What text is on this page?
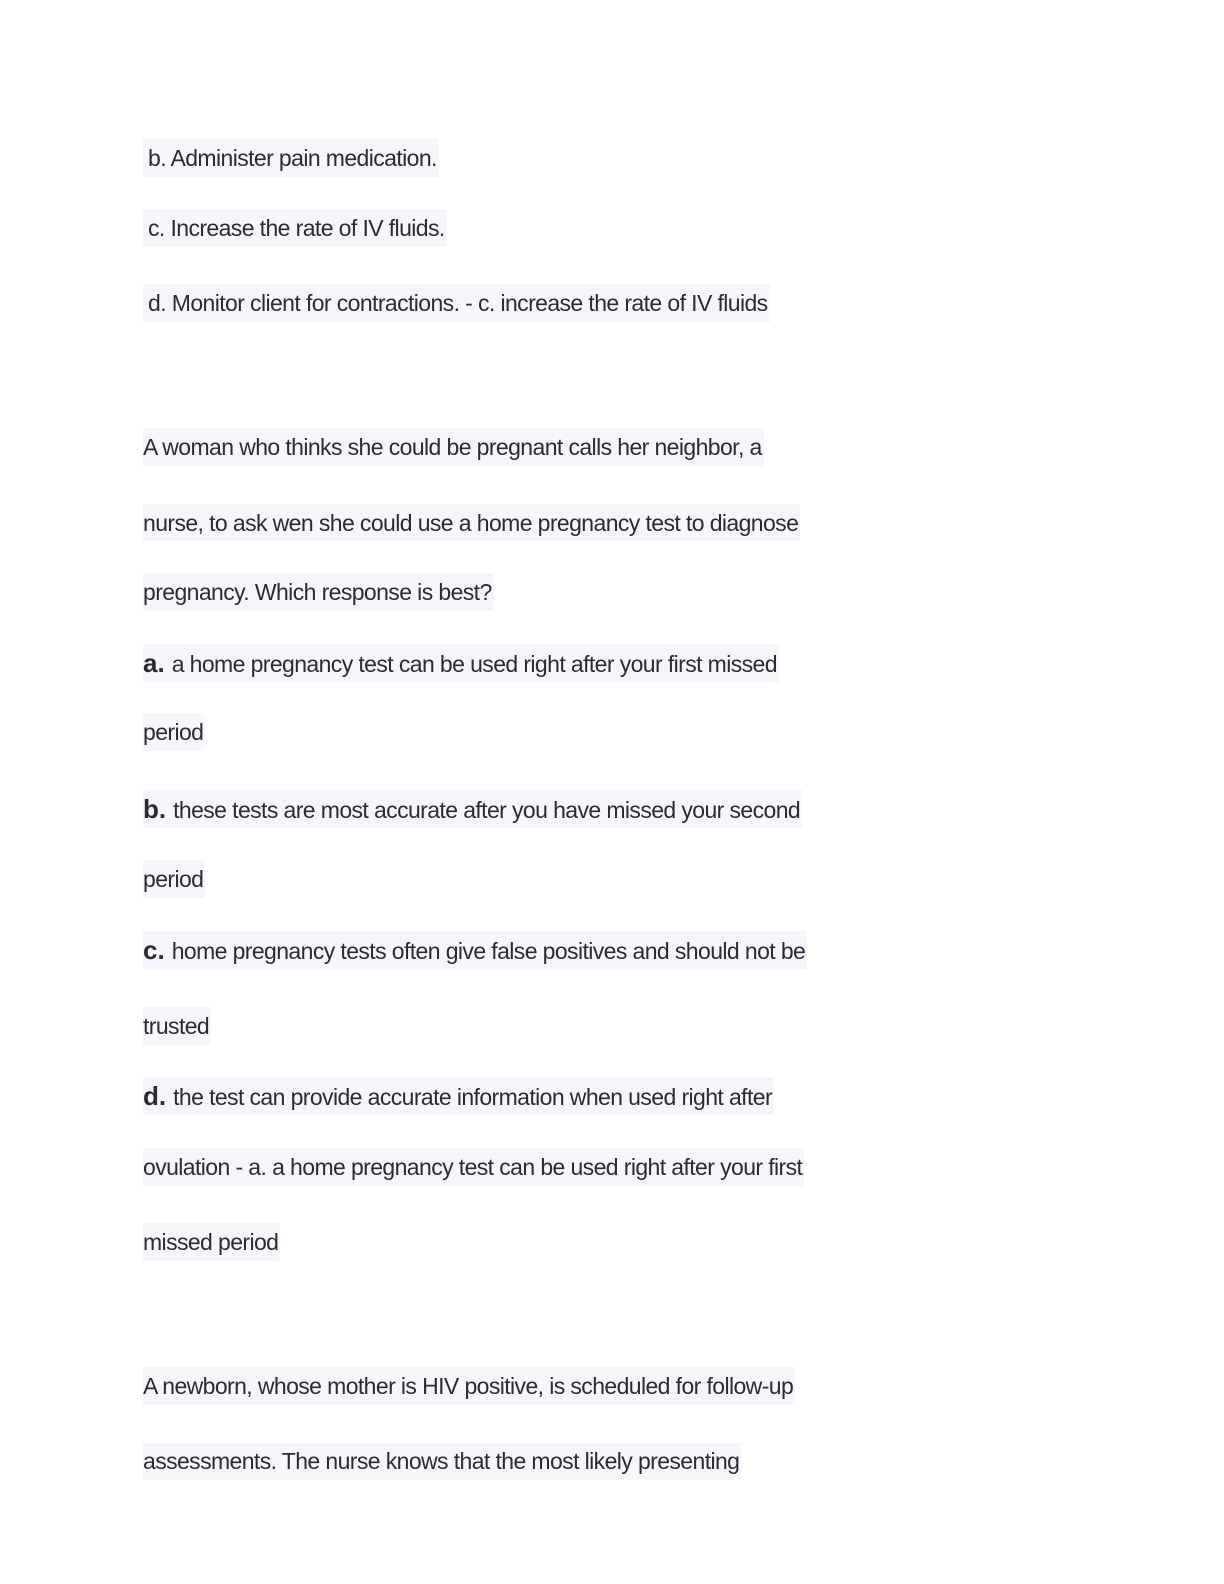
b. Administer pain medication.
c. Increase the rate of IV fluids.
d. Monitor client for contractions. - c. increase the rate of IV fluids
A woman who thinks she could be pregnant calls her neighbor, a
nurse, to ask wen she could use a home pregnancy test to diagnose
pregnancy. Which response is best?
a. a home pregnancy test can be used right after your first missed
period
b. these tests are most accurate after you have missed your second
period
c. home pregnancy tests often give false positives and should not be
trusted
d. the test can provide accurate information when used right after
ovulation - a. a home pregnancy test can be used right after your first
missed period
A newborn, whose mother is HIV positive, is scheduled for follow-up
assessments. The nurse knows that the most likely presenting
